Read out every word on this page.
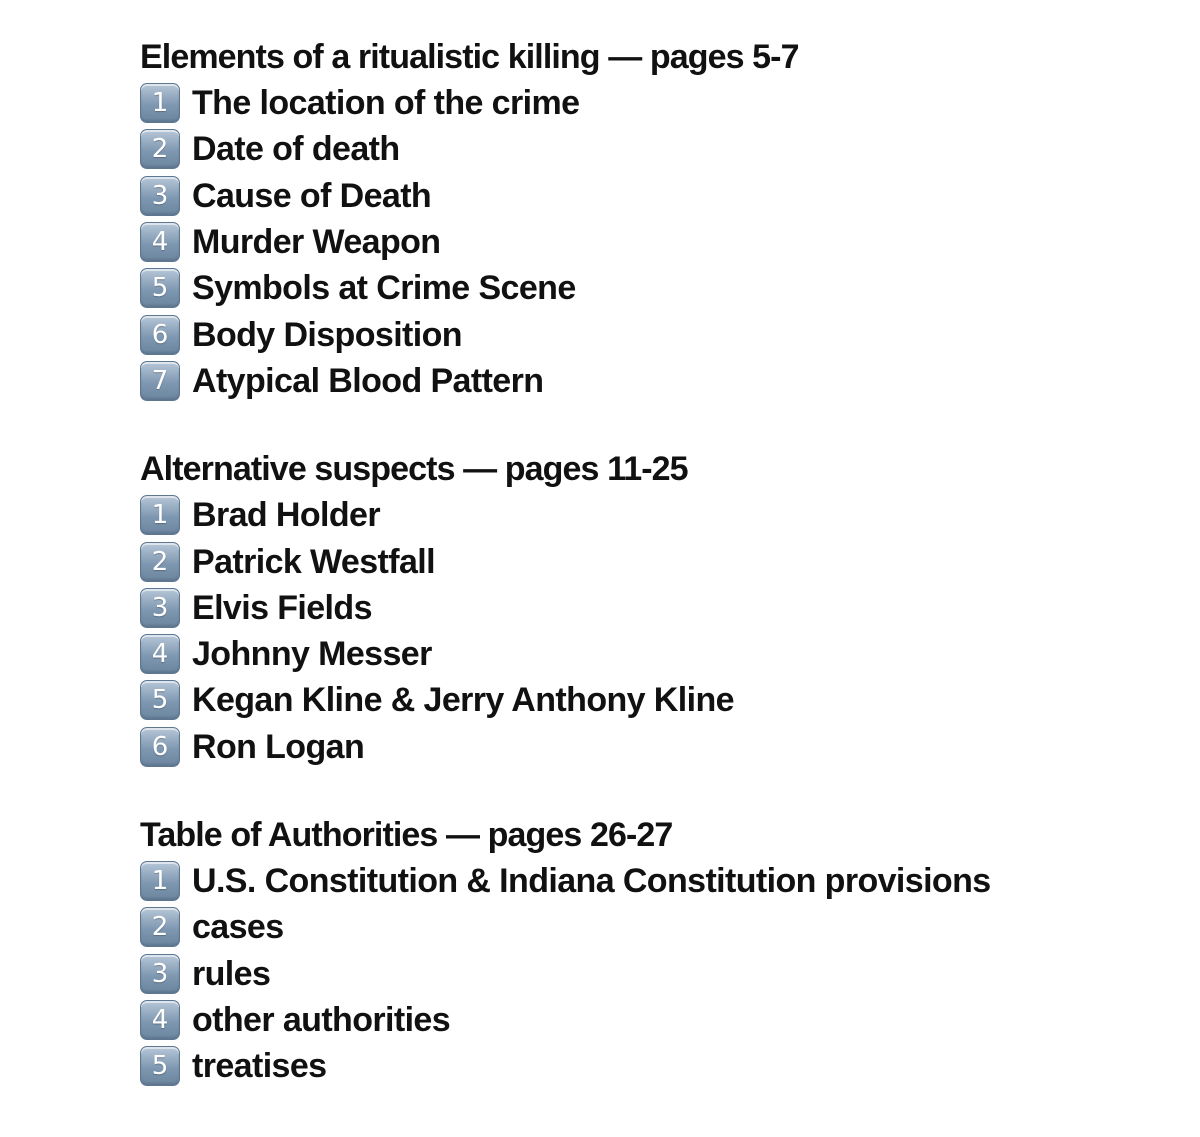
Elements of a ritualistic killing — pages 5-7
1 The location of the crime
2 Date of death
3 Cause of Death
4 Murder Weapon
5 Symbols at Crime Scene
6 Body Disposition
7 Atypical Blood Pattern
Alternative suspects — pages 11-25
1 Brad Holder
2 Patrick Westfall
3 Elvis Fields
4 Johnny Messer
5 Kegan Kline & Jerry Anthony Kline
6 Ron Logan
Table of Authorities — pages 26-27
1 U.S. Constitution & Indiana Constitution provisions
2 cases
3 rules
4 other authorities
5 treatises
